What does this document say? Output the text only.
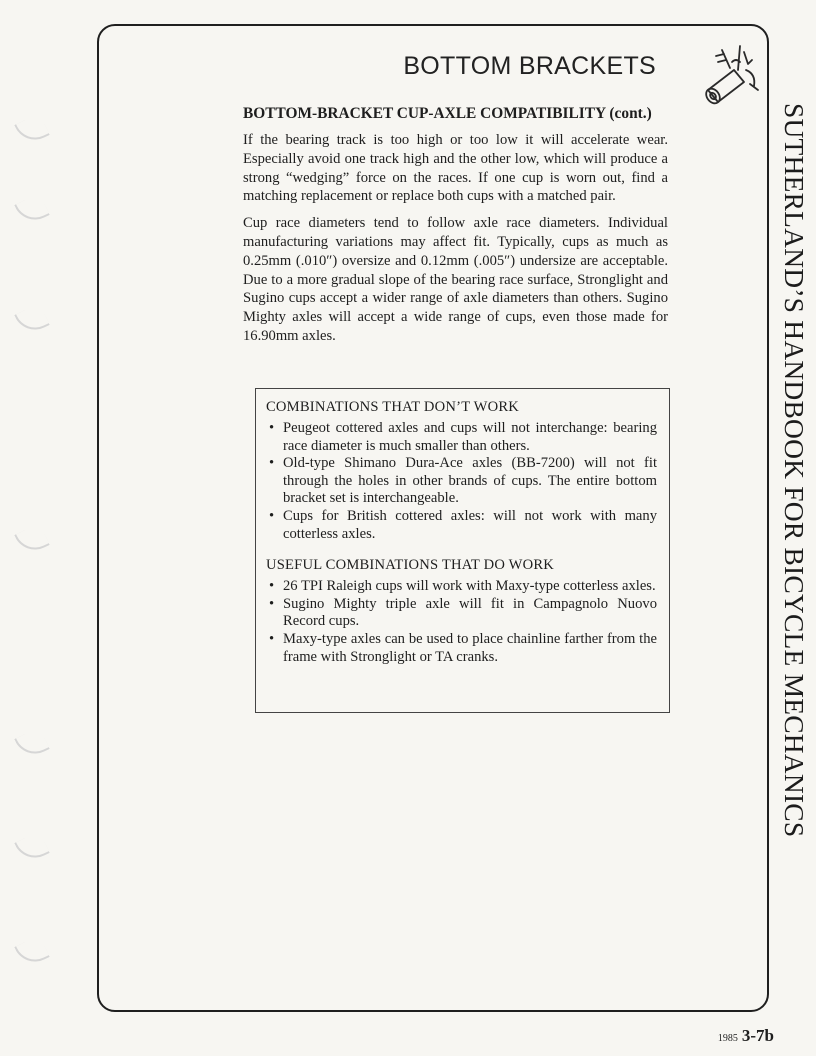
BOTTOM BRACKETS
BOTTOM-BRACKET CUP-AXLE COMPATIBILITY (cont.)

If the bearing track is too high or too low it will accelerate wear. Especially avoid one track high and the other low, which will produce a strong “wedging” force on the races. If one cup is worn out, find a matching replacement or replace both cups with a matched pair.

Cup race diameters tend to follow axle race diameters. Individual manufacturing variations may affect fit. Typically, cups as much as 0.25mm (.010″) oversize and 0.12mm (.005″) undersize are acceptable. Due to a more gradual slope of the bearing race surface, Stronglight and Sugino cups accept a wider range of axle diameters than others. Sugino Mighty axles will accept a wide range of cups, even those made for 16.90mm axles.

COMBINATIONS THAT DON’T WORK
• Peugeot cottered axles and cups will not interchange: bearing race diameter is much smaller than others.
• Old-type Shimano Dura-Ace axles (BB-7200) will not fit through the holes in other brands of cups. The entire bottom bracket set is interchangeable.
• Cups for British cottered axles: will not work with many cotterless axles.
USEFUL COMBINATIONS THAT DO WORK
• 26 TPI Raleigh cups will work with Maxy-type cotterless axles.
• Sugino Mighty triple axle will fit in Campagnolo Nuovo Record cups.
• Maxy-type axles can be used to place chainline farther from the frame with Stronglight or TA cranks.	SUTHERLAND’S HANDBOOK FOR BICYCLE MECHANICS
1985 3-7b
